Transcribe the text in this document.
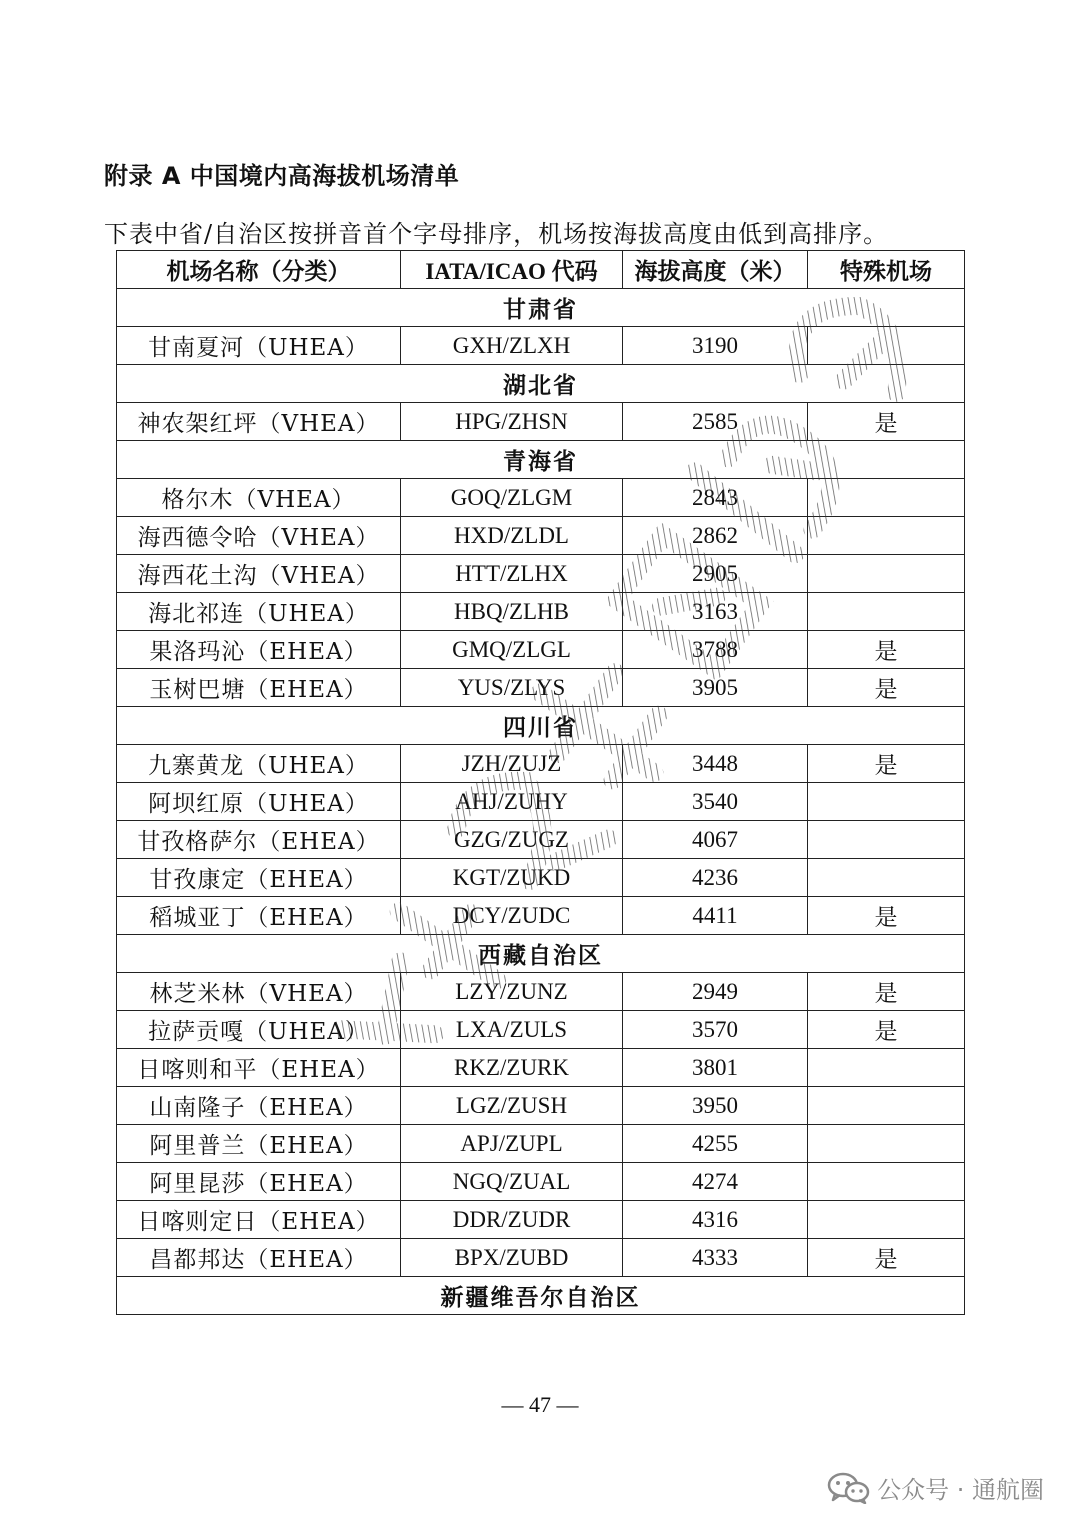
附录 A 中国境内高海拔机场清单
下表中省/自治区按拼音首个字母排序，机场按海拔高度由低到高排序。
机场名称（分类）	IATA/ICAO 代码	海拔高度（米）	特殊机场
甘肃省			
甘南夏河（UHEA）	GXH/ZLXH	3190	
湖北省			
神农架红坪（VHEA）	HPG/ZHSN	2585	是
青海省			
格尔木（VHEA）	GOQ/ZLGM	2843	
海西德令哈（VHEA）	HXD/ZLDL	2862	
海西花土沟（VHEA）	HTT/ZLHX	2905	
海北祁连（UHEA）	HBQ/ZLHB	3163	
果洛玛沁（EHEA）	GMQ/ZLGL	3788	是
玉树巴塘（EHEA）	YUS/ZLYS	3905	是
四川省			
九寨黄龙（UHEA）	JZH/ZUJZ	3448	是
阿坝红原（UHEA）	AHJ/ZUHY	3540	
甘孜格萨尔（EHEA）	GZG/ZUGZ	4067	
甘孜康定（EHEA）	KGT/ZUKD	4236	
稻城亚丁（EHEA）	DCY/ZUDC	4411	是
西藏自治区			
林芝米林（VHEA）	LZY/ZUNZ	2949	是
拉萨贡嘎（UHEA）	LXA/ZULS	3570	是
日喀则和平（EHEA）	RKZ/ZURK	3801	
山南隆子（EHEA）	LGZ/ZUSH	3950	
阿里普兰（EHEA）	APJ/ZUPL	4255	
阿里昆莎（EHEA）	NGQ/ZUAL	4274	
日喀则定日（EHEA）	DDR/ZUDR	4316	
昌都邦达（EHEA）	BPX/ZUBD	4333	是
新疆维吾尔自治区			
— 47 —
公众号 · 通航圈
